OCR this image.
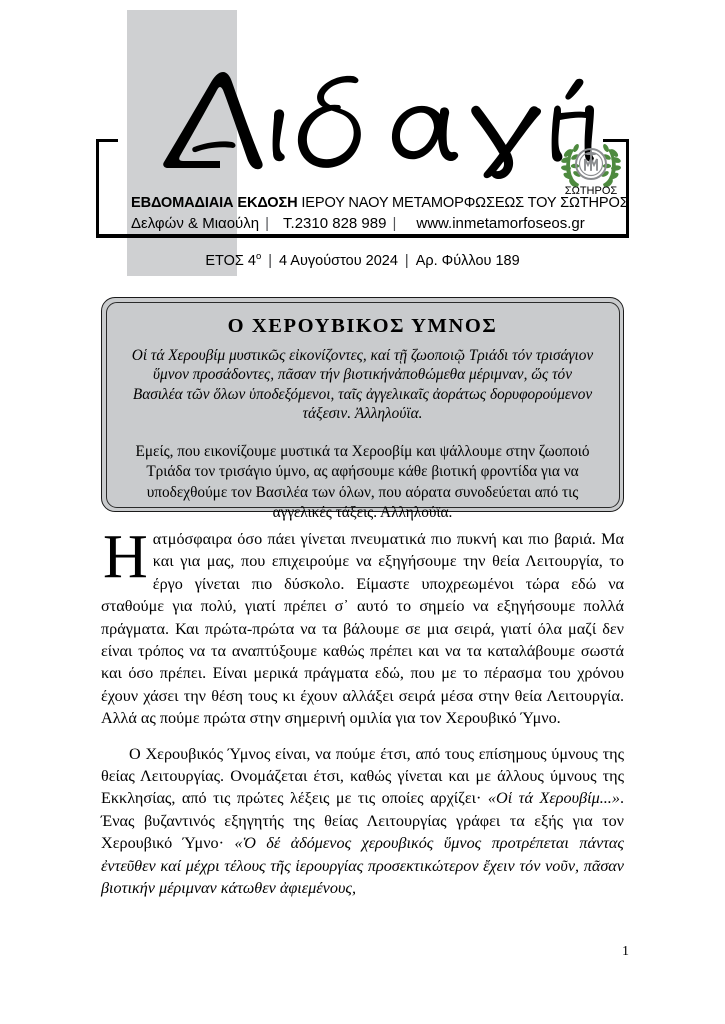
ΣΩΤΗΡΟΣ
ΕΒΔΟΜΑΔΙΑΙΑ ΕΚΔΟΣΗ ΙΕΡΟΥ ΝΑΟΥ ΜΕΤΑΜΟΡΦΩΣΕΩΣ ΤΟΥ ΣΩΤΗΡΟΣ
Δελφών & Μιαούλη | Τ.2310 828 989 | www.inmetamorfoseos.gr
ΕΤΟΣ $4^o$ | 4 Αυγούστου 2024 | Αρ. Φύλλου 189
Ο ΧΕΡΟΥΒΙΚΟΣ ΥΜΝΟΣ
Οἱ τά Χερουβίμ μυστικῶς εἰκονίζοντες, καί τῇ ζωοποιῷ Τριάδι τόν τρισάγιον ὕμνον προσάδοντες, πᾶσαν τήν βιοτικήνἀποθώμεθα μέριμναν, ὥς τόν Βασιλέα τῶν ὅλων ὑποδεξόμενοι, ταῖς ἀγγελικαῖς ἀοράτως δορυφορούμενον τάξεσιν. Ἀλληλούϊα.
Εμείς, που εικονίζουμε μυστικά τα Χεροοβίμ και ψάλλουμε στην ζωοποιό Τριάδα τον τρισάγιο ύμνο, ας αφήσουμε κάθε βιοτική φροντίδα για να υποδεχθούμε τον Βασιλέα των όλων, που αόρατα συνοδεύεται από τις αγγελικές τάξεις. Αλληλούϊα.

Ηατμόσφαιρα όσο πάει γίνεται πνευματικά πιο πυκνή και πιο βαριά. Μα και για μας, που επιχειρούμε να εξηγήσουμε την θεία Λειτουργία, το έργο γίνεται πιο δύσκολο. Είμαστε υποχρεωμένοι τώρα εδώ να σταθούμε για πολύ, γιατί πρέπει σ᾽ αυτό το σημείο να εξηγήσουμε πολλά πράγματα. Και πρώτα-πρώτα να τα βάλουμε σε μια σειρά, γιατί όλα μαζί δεν είναι τρόπος να τα αναπτύξουμε καθώς πρέπει και να τα καταλάβουμε σωστά και όσο πρέπει. Είναι μερικά πράγματα εδώ, που με το πέρασμα του χρόνου έχουν χάσει την θέση τους κι έχουν αλλάξει σειρά μέσα στην θεία Λειτουργία. Αλλά ας πούμε πρώτα στην σημερινή ομιλία για τον Χερουβικό Ύμνο.

Ο Χερουβικός Ύμνος είναι, να πούμε έτσι, από τους επίσημους ύμνους της θείας Λειτουργίας. Ονομάζεται έτσι, καθώς γίνεται και με άλλους ύμνους της Εκκλησίας, από τις πρώτες λέξεις με τις οποίες αρχίζει· «Οἱ τά Χερουβίμ...». Ένας βυζαντινός εξηγητής της θείας Λειτουργίας γράφει τα εξής για τον Χερουβικό Ύμνο· «Ὁ δέ ἀδόμενος χερουβικός ὕμνος προτρέπεται πάντας ἐντεῦθεν καί μέχρι τέλους τῆς ἱερουργίας προσεκτικώτερον ἔχειν τόν νοῦν, πᾶσαν βιοτικήν μέριμναν κάτωθεν ἀφιεμένους,

1
